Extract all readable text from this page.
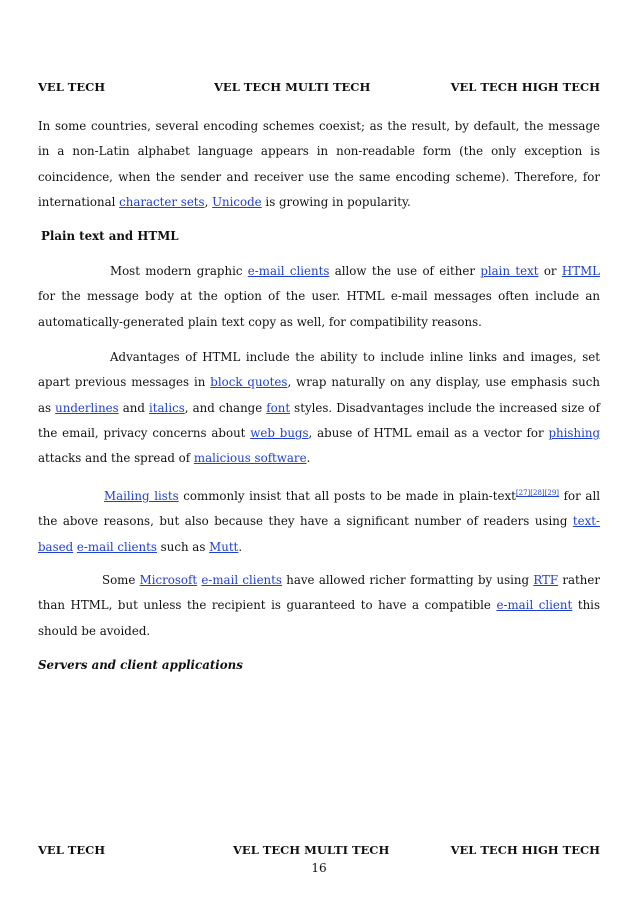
VEL TECH	VEL TECH MULTI TECH	VEL TECH HIGH TECH

In some countries, several encoding schemes coexist; as the result, by default, the message in a non-Latin alphabet language appears in non-readable form (the only exception is coincidence, when the sender and receiver use the same encoding scheme). Therefore, for international character sets, Unicode is growing in popularity.

Plain text and HTML

Most modern graphic e-mail clients allow the use of either plain text or HTML for the message body at the option of the user. HTML e-mail messages often include an automatically-generated plain text copy as well, for compatibility reasons.

Advantages of HTML include the ability to include inline links and images, set apart previous messages in block quotes, wrap naturally on any display, use emphasis such as underlines and italics, and change font styles. Disadvantages include the increased size of the email, privacy concerns about web bugs, abuse of HTML email as a vector for phishing attacks and the spread of malicious software.

Mailing lists commonly insist that all posts to be made in plain-text[27][28][29] for all the above reasons, but also because they have a significant number of readers using text-based e-mail clients such as Mutt.

Some Microsoft e-mail clients have allowed richer formatting by using RTF rather than HTML, but unless the recipient is guaranteed to have a compatible e-mail client this should be avoided.

Servers and client applications
VEL TECH	VEL TECH MULTI TECH	VEL TECH HIGH TECH
16
